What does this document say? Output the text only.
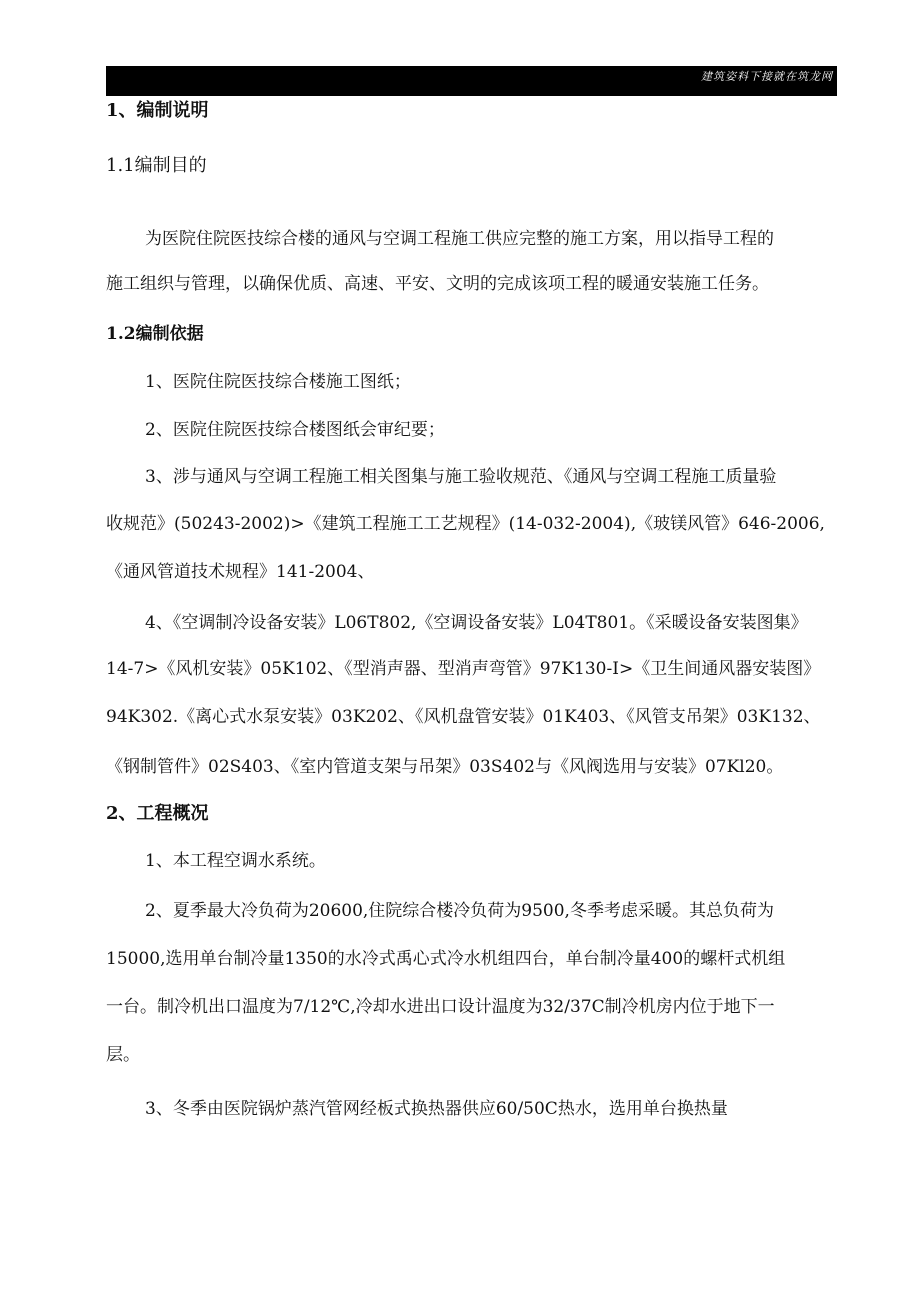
建筑姿料下接就在筑龙网
1、编制说明
1.1编制目的
为医院住院医技综合楼的通风与空调工程施工供应完整的施工方案，用以指导工程的
施工组织与管理，以确保优质、高速、平安、文明的完成该项工程的暖通安装施工任务。
1.2编制依据
1、医院住院医技综合楼施工图纸；
2、医院住院医技综合楼图纸会审纪要；
3、涉与通风与空调工程施工相关图集与施工验收规范、《通风与空调工程施工质量验
收规范》(50243-2002)>《建筑工程施工工艺规程》(14-032-2004),《玻镁风管》646-2006,
《通风管道技术规程》141-2004、
4、《空调制冷设备安装》L06T802,《空调设备安装》L04T801。《采暖设备安装图集》
14-7>《风机安装》05K102、《型消声器、型消声弯管》97K130-I>《卫生间通风器安装图》
94K302.《离心式水泵安装》03K202、《风机盘管安装》01K403、《风管支吊架》03K132、
《钢制管件》02S403、《室内管道支架与吊架》03S402与《风阀选用与安装》07Kl20。
2、工程概况
1、本工程空调水系统。
2、夏季最大冷负荷为20600,住院综合楼冷负荷为9500,冬季考虑采暖。其总负荷为
15000,选用单台制冷量1350的水冷式禹心式冷水机组四台，单台制冷量400的螺杆式机组
一台。制冷机出口温度为7/12℃,冷却水进出口设计温度为32/37C制冷机房内位于地下一
层。
3、冬季由医院锅炉蒸汽管网经板式换热器供应60/50C热水，选用单台换热量
